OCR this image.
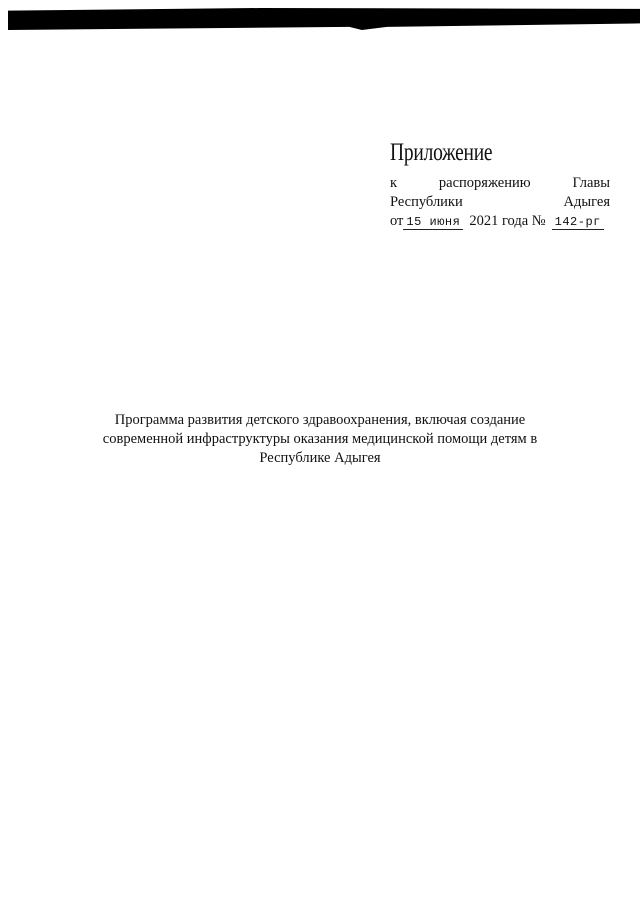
Приложение
к	распоряжению	Главы
Республики	Адыгея
от 15 июня 2021 года № 142-рг
Программа развития детского здравоохранения, включая создание современной инфраструктуры оказания медицинской помощи детям в Республике Адыгея
